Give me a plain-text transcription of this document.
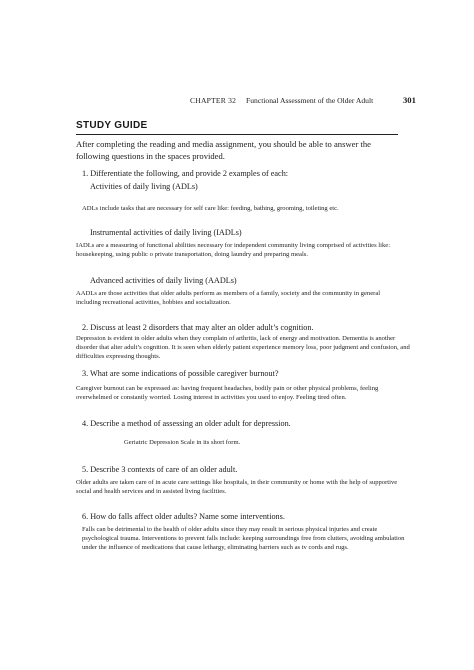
CHAPTER 32 Functional Assessment of the Older Adult	301
STUDY GUIDE
After completing the reading and media assignment, you should be able to answer the following questions in the spaces provided.
1. Differentiate the following, and provide 2 examples of each:
Activities of daily living (ADLs)
ADLs include tasks that are necessary for self care like: feeding, bathing, grooming, toileting etc.
Instrumental activities of daily living (IADLs)
IADLs are a measuring of functional abilities necessary for independent community living comprised of activities like: housekeeping, using public o private transportation, doing laundry and preparing meals.
Advanced activities of daily living (AADLs)
AADLs are those activities that older adults perform as members of a family, society and the community in general including recreational activities, hobbies and socialization.
2. Discuss at least 2 disorders that may alter an older adult’s cognition.
Depression is evident in older adults when they complain of arthritis, lack of energy and motivation. Dementia is another disorder that alter adult’s cognition. It is seen when elderly patient experience memory loss, poor judgment and confusion, and difficulties expressing thoughts.
3. What are some indications of possible caregiver burnout?
Caregiver burnout can be expressed as: having frequent headaches, bodily pain or other physical problems, feeling overwhelmed or constantly worried. Losing interest in activities you used to enjoy. Feeling tired often.
4. Describe a method of assessing an older adult for depression.
Geriatric Depression Scale in its short form.
5. Describe 3 contexts of care of an older adult.
Older adults are taken care of in acute care settings like hospitals, in their community or home with the help of supportive social and health services and in assisted living facilities.
6. How do falls affect older adults? Name some interventions.
Falls can be detrimental to the health of older adults since they may result in serious physical injuries and create psychological trauma. Interventions to prevent falls include: keeping surroundings free from clutters, avoiding ambulation under the influence of medications that cause lethargy, eliminating barriers such as tv cords and rugs.
